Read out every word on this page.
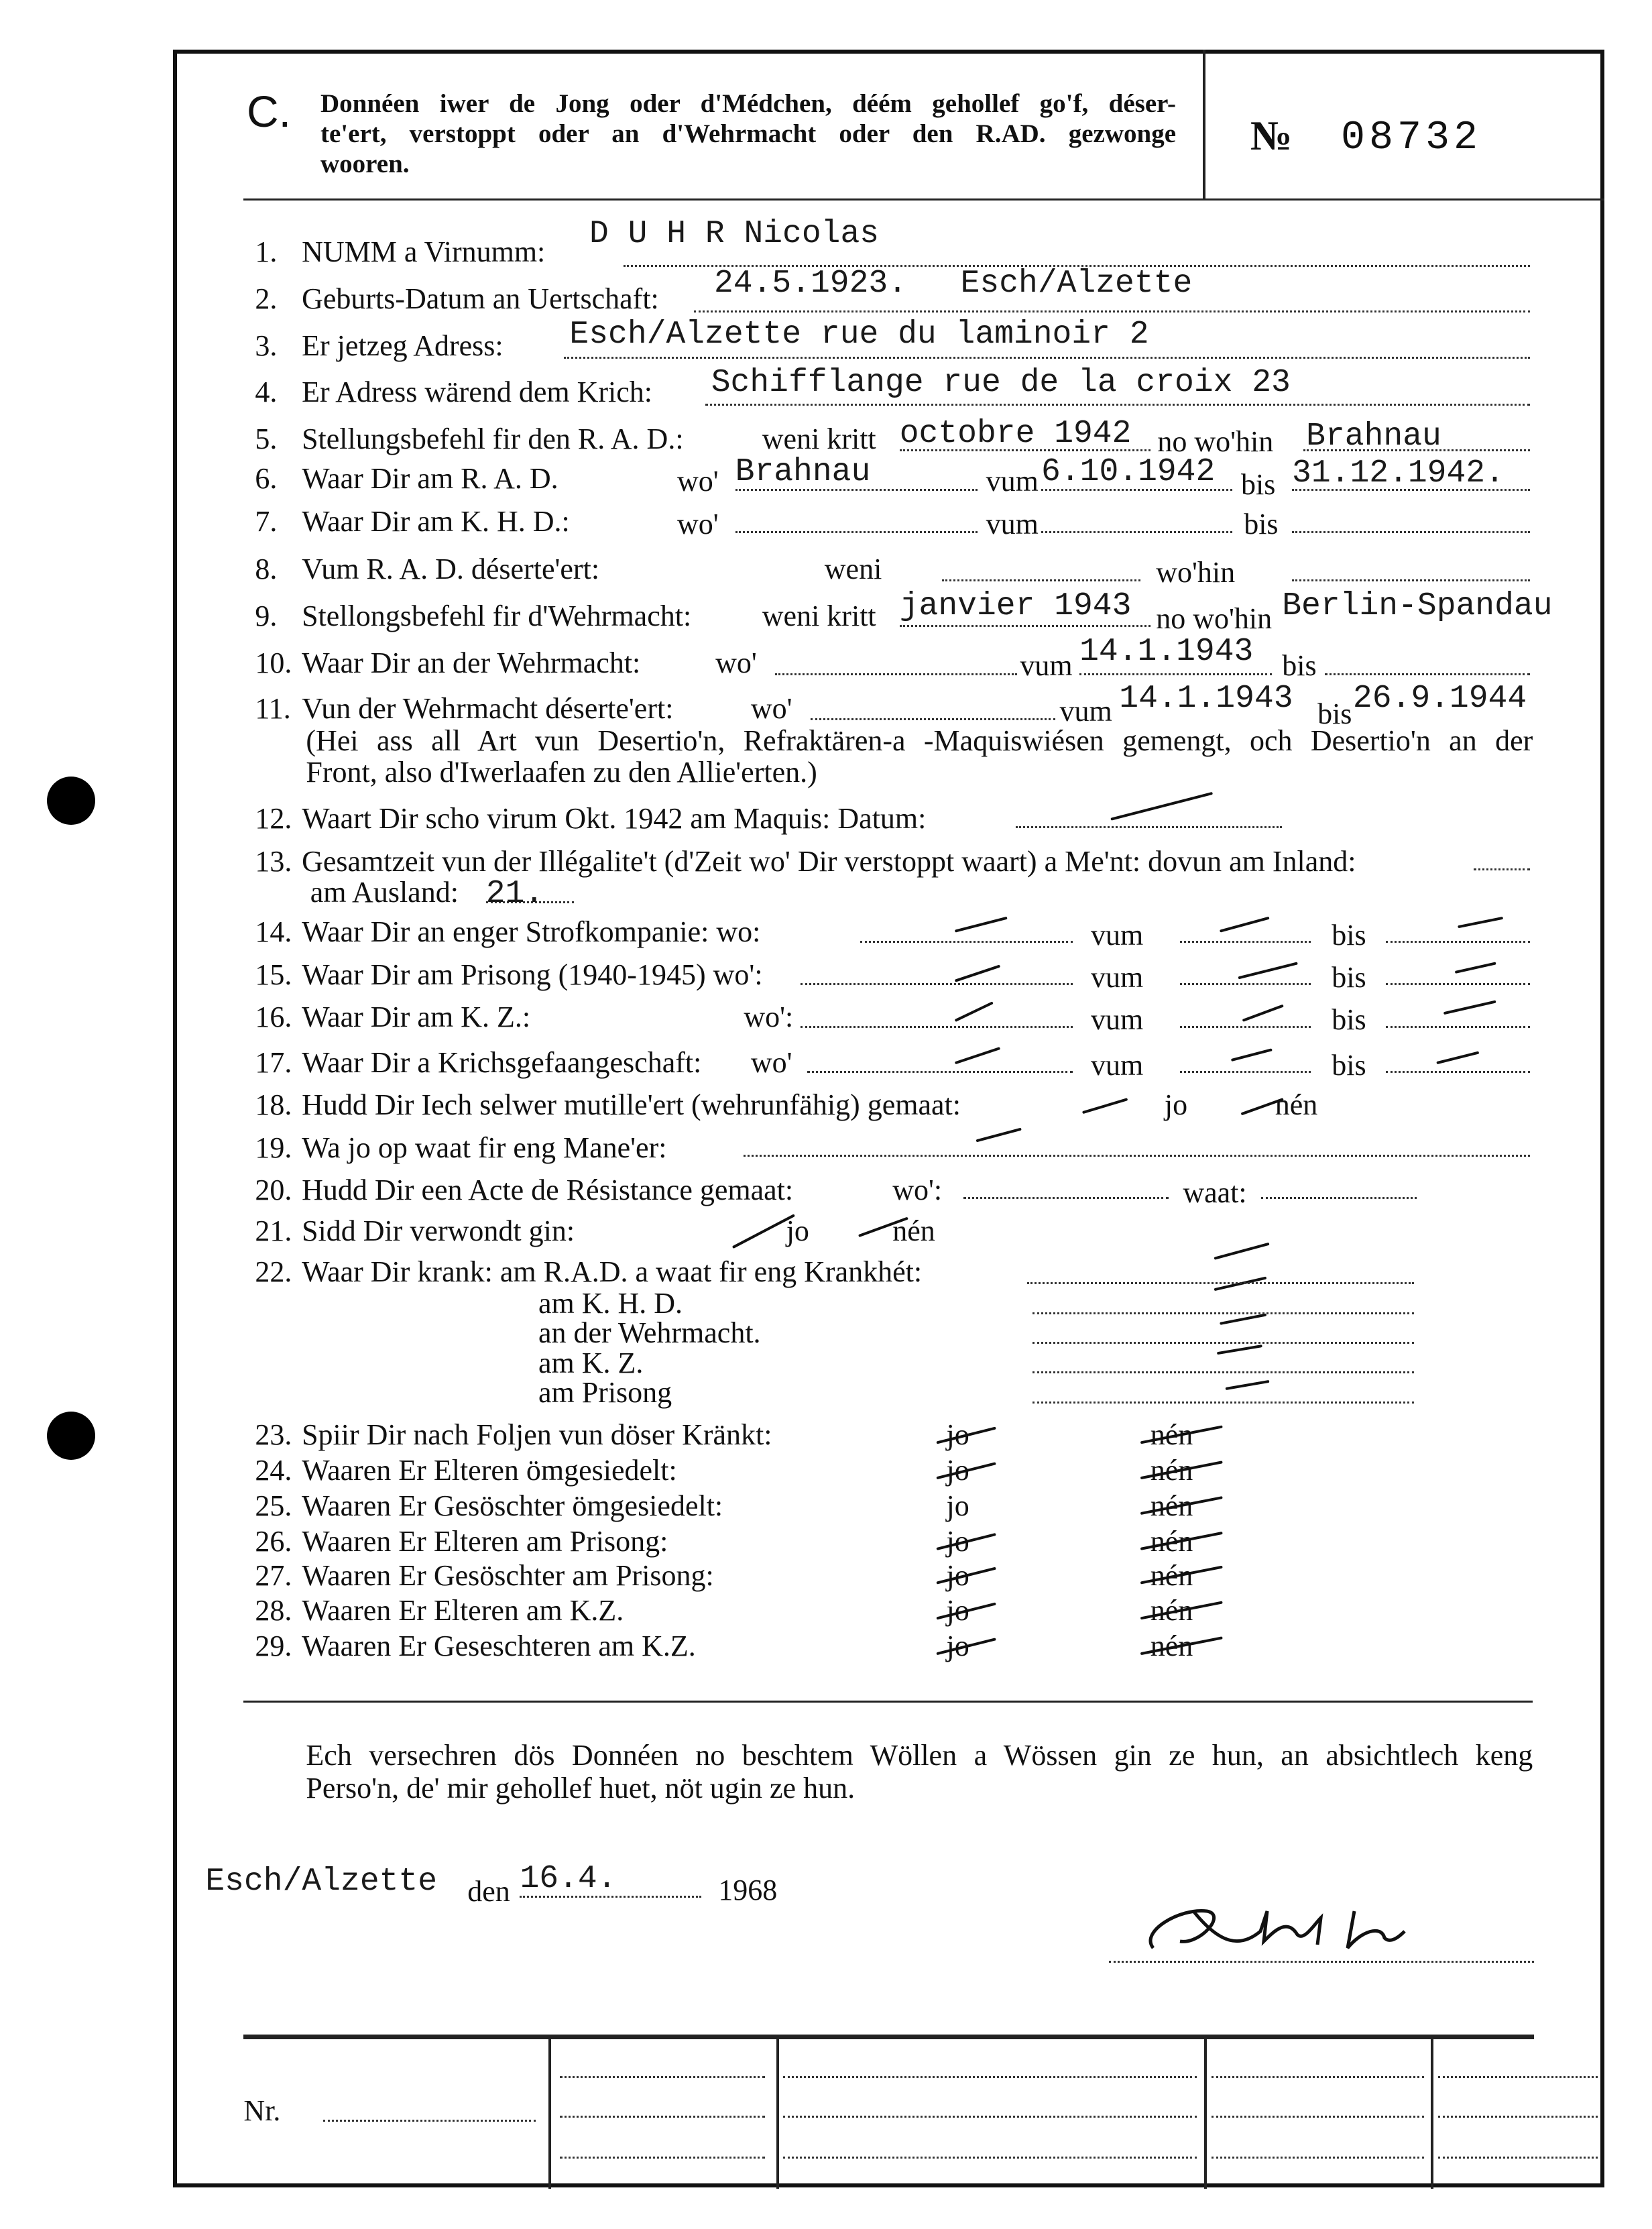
C. Donnéen iwer de Jong oder d'Médchen, déém gehollef go'f, déser-
te'ert, verstoppt oder an d'Wehrmacht oder den R.AD. gezwonge
wooren.
№ 08732
1. NUMM a Virnumm: D U H R Nicolas
2. Geburts-Datum an Uertschaft: 24.5.1923. Esch/Alzette
3. Er jetzeg Adress: Esch/Alzette rue du laminoir 2
4. Er Adress wärend dem Krich: Schifflange rue de la croix 23
5. Stellungsbefehl fir den R. A. D.:	weni kritt octobre 1942 no wo'hin Brahnau
6. Waar Dir am R. A. D.	wo' Brahnau	vum 6.10.1942 bis 31.12.1942.
7. Waar Dir am K. H. D.:	wo'	vum	bis
8. Vum R. A. D. déserte'ert:	weni	wo'hin
9. Stellongsbefehl fir d'Wehrmacht: weni kritt janvier 1943 no wo'hin Berlin-Spandau
10. Waar Dir an der Wehrmacht:	wo'	vum 14.1.1943 bis
11. Vun der Wehrmacht déserte'ert:	wo'	vum 14.1.1943 bis 26.9.1944
(Hei ass all Art vun Desertio'n, Refraktären-a -Maquiswiésen gemengt, och Desertio'n an der
Front, also d'Iwerlaafen zu den Allie'erten.)
12. Waart Dir scho virum Okt. 1942 am Maquis: Datum:
13. Gesamtzeit vun der Illégalite't (d'Zeit wo' Dir verstoppt waart) a Me'nt: dovun am Inland:
am Ausland: 21.
14. Waar Dir an enger Strofkompanie: wo:	vum	bis
15. Waar Dir am Prisong (1940-1945) wo':	vum	bis
16. Waar Dir am K. Z.:	wo':	vum	bis
17. Waar Dir a Krichsgefaangeschaft: wo'	vum	bis
18. Hudd Dir Iech selwer mutille'ert (wehrunfähig) gemaat:	jo	nén
19. Wa jo op waat fir eng Mane'er:
20. Hudd Dir een Acte de Résistance gemaat:	wo':	waat:
21. Sidd Dir verwondt gin:	jo	nén
22. Waar Dir krank: am R.A.D. a waat fir eng Krankhét:
am K. H. D.
an der Wehrmacht.
am K. Z.
am Prisong
23. Spiir Dir nach Foljen vun döser Kränkt:	jo	nén
24. Waaren Er Elteren ömgesiedelt:	jo	nén
25. Waaren Er Gesöschter ömgesiedelt:	jo	nén
26. Waaren Er Elteren am Prisong:	jo	nén
27. Waaren Er Gesöschter am Prisong:	jo	nén
28. Waaren Er Elteren am K.Z.	jo	nén
29. Waaren Er Geseschteren am K.Z.	jo	nén
Ech versechren dös Donnéen no beschtem Wöllen a Wössen gin ze hun, an absichtlech keng
Perso'n, de' mir gehollef huet, nöt ugin ze hun.
Esch/Alzette den 16.4.	1968
Nr.
